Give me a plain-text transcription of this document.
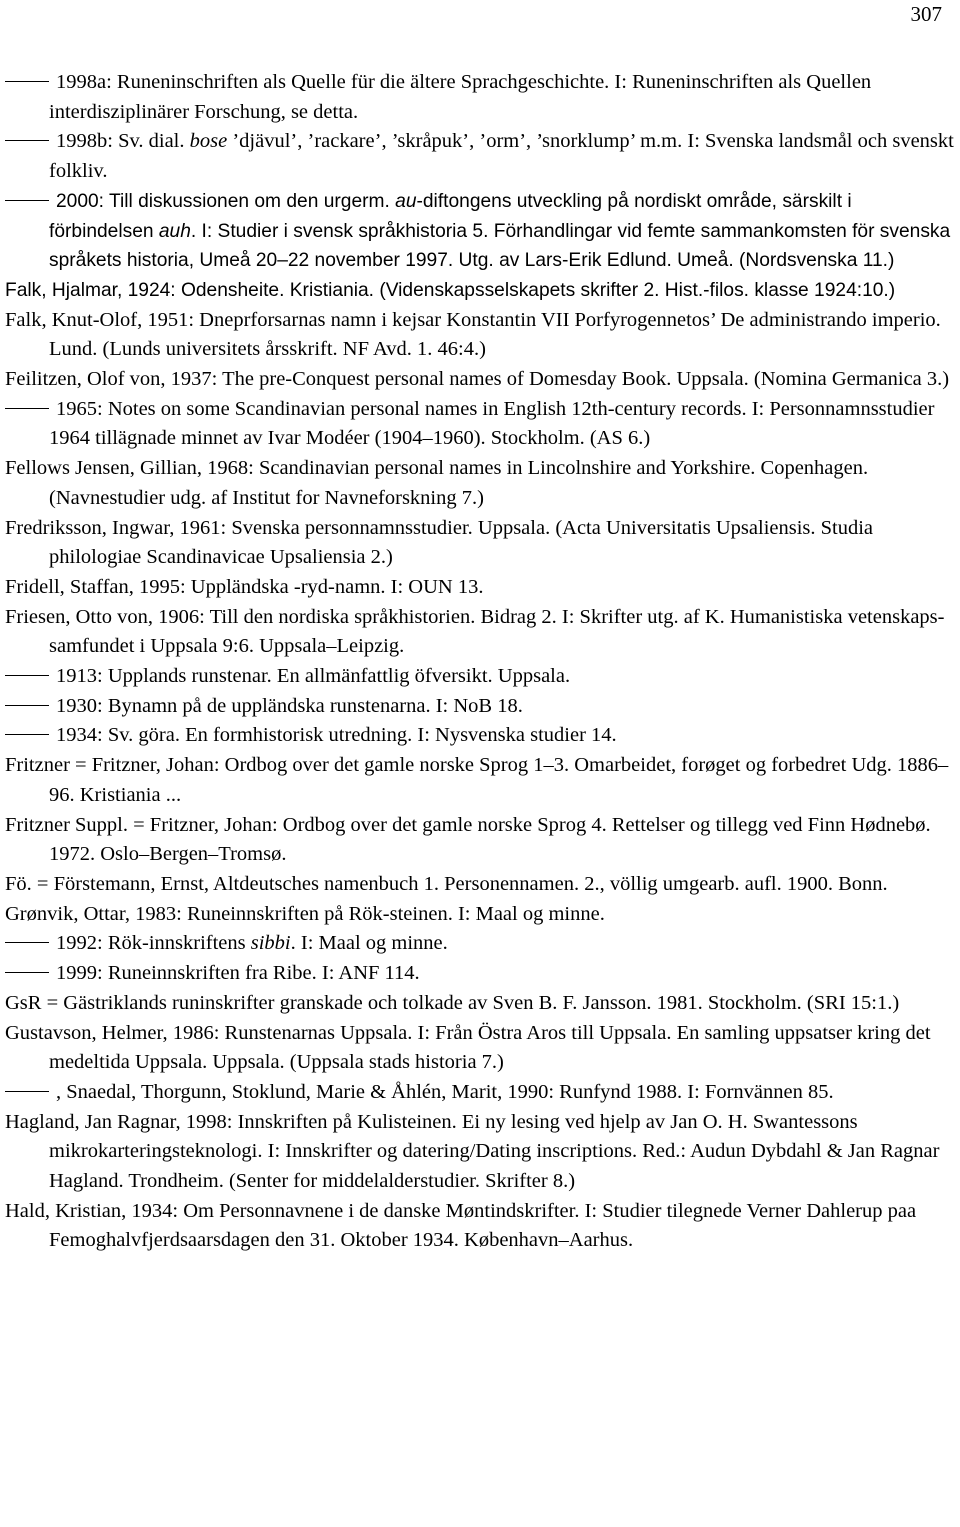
307
1998a: Runeninschriften als Quelle für die ältere Sprachgeschichte. I: Runeninschriften als Quellen interdisziplinärer Forschung, se detta.
1998b: Sv. dial. bose ’djävul’, ’rackare’, ’skråpuk’, ’orm’, ’snorklump’ m.m. I: Svenska landsmål och svenskt folkliv.
2000: Till diskussionen om den urgerm. au-diftongens utveckling på nordiskt område, särskilt i förbindelsen auh. I: Studier i svensk språkhistoria 5. Förhandlingar vid femte sammankomsten för svenska språkets historia, Umeå 20–22 november 1997. Utg. av Lars-Erik Edlund. Umeå. (Nordsvenska 11.)
Falk, Hjalmar, 1924: Odensheite. Kristiania. (Videnskapsselskapets skrifter 2. Hist.-filos. klasse 1924:10.)
Falk, Knut-Olof, 1951: Dneprforsarnas namn i kejsar Konstantin VII Porfyrogennetos’ De administrando imperio. Lund. (Lunds universitets årsskrift. NF Avd. 1. 46:4.)
Feilitzen, Olof von, 1937: The pre-Conquest personal names of Domesday Book. Uppsala. (Nomina Germanica 3.)
1965: Notes on some Scandinavian personal names in English 12th-century records. I: Personnamnsstudier 1964 tillägnade minnet av Ivar Modéer (1904–1960). Stockholm. (AS 6.)
Fellows Jensen, Gillian, 1968: Scandinavian personal names in Lincolnshire and Yorkshire. Copenhagen. (Navnestudier udg. af Institut for Navneforskning 7.)
Fredriksson, Ingwar, 1961: Svenska personnamnsstudier. Uppsala. (Acta Universitatis Upsaliensis. Studia philologiae Scandinavicae Upsaliensia 2.)
Fridell, Staffan, 1995: Uppländska -ryd-namn. I: OUN 13.
Friesen, Otto von, 1906: Till den nordiska språkhistorien. Bidrag 2. I: Skrifter utg. af K. Humanistiska vetenskaps-samfundet i Uppsala 9:6. Uppsala–Leipzig.
1913: Upplands runstenar. En allmänfattlig öfversikt. Uppsala.
1930: Bynamn på de uppländska runstenarna. I: NoB 18.
1934: Sv. göra. En formhistorisk utredning. I: Nysvenska studier 14.
Fritzner = Fritzner, Johan: Ordbog over det gamle norske Sprog 1–3. Omarbeidet, forøget og forbedret Udg. 1886–96. Kristiania ...
Fritzner Suppl. = Fritzner, Johan: Ordbog over det gamle norske Sprog 4. Rettelser og tillegg ved Finn Hødnebø. 1972. Oslo–Bergen–Tromsø.
Fö. = Förstemann, Ernst, Altdeutsches namenbuch 1. Personennamen. 2., völlig umgearb. aufl. 1900. Bonn.
Grønvik, Ottar, 1983: Runeinnskriften på Rök-steinen. I: Maal og minne.
1992: Rök-innskriftens sibbi. I: Maal og minne.
1999: Runeinnskriften fra Ribe. I: ANF 114.
GsR = Gästriklands runinskrifter granskade och tolkade av Sven B. F. Jansson. 1981. Stockholm. (SRI 15:1.)
Gustavson, Helmer, 1986: Runstenarnas Uppsala. I: Från Östra Aros till Uppsala. En samling uppsatser kring det medeltida Uppsala. Uppsala. (Uppsala stads historia 7.)
, Snaedal, Thorgunn, Stoklund, Marie & Åhlén, Marit, 1990: Runfynd 1988. I: Fornvännen 85.
Hagland, Jan Ragnar, 1998: Innskriften på Kulisteinen. Ei ny lesing ved hjelp av Jan O. H. Swantessons mikrokarteringsteknologi. I: Innskrifter og datering/Dating inscriptions. Red.: Audun Dybdahl & Jan Ragnar Hagland. Trondheim. (Senter for middelalderstudier. Skrifter 8.)
Hald, Kristian, 1934: Om Personnavnene i de danske Møntindskrifter. I: Studier tilegnede Verner Dahlerup paa Femoghalvfjerdsaarsdagen den 31. Oktober 1934. København–Aarhus.
